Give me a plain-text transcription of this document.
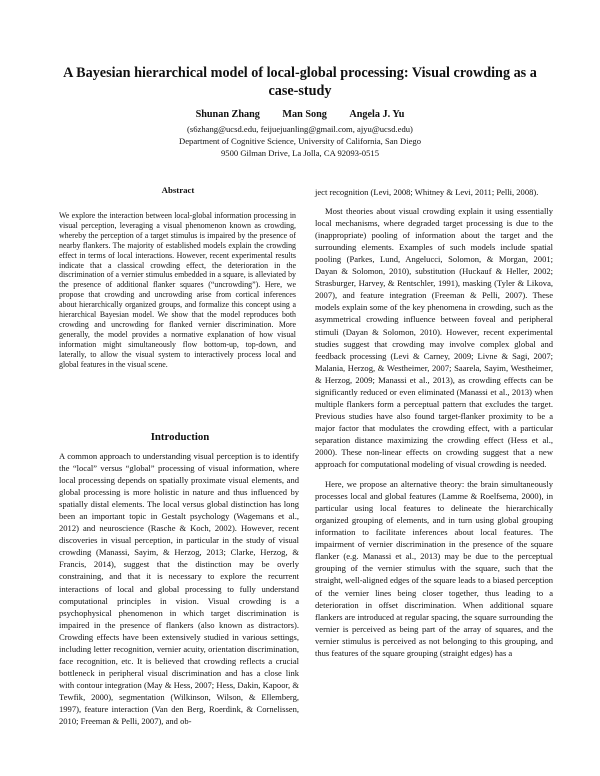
A Bayesian hierarchical model of local-global processing: Visual crowding as a case-study
Shunan Zhang Man Song Angela J. Yu
(s6zhang@ucsd.edu, feijuejuanling@gmail.com, ajyu@ucsd.edu)
Department of Cognitive Science, University of California, San Diego
9500 Gilman Drive, La Jolla, CA 92093-0515
Abstract

We explore the interaction between local-global information processing in visual perception, leveraging a visual phenomenon known as crowding, whereby the perception of a target stimulus is impaired by the presence of nearby flankers. The majority of established models explain the crowding effect in terms of local interactions. However, recent experimental results indicate that a classical crowding effect, the deterioration in the discrimination of a vernier stimulus embedded in a square, is alleviated by the presence of additional flanker squares (“uncrowding”). Here, we propose that crowding and uncrowding arise from cortical inferences about hierarchically organized groups, and formalize this concept using a hierarchical Bayesian model. We show that the model reproduces both crowding and uncrowding for flanked vernier discrimination. More generally, the model provides a normative explanation of how visual information might simultaneously flow bottom-up, top-down, and laterally, to allow the visual system to interactively process local and global features in the visual scene.

Introduction

A common approach to understanding visual perception is to identify the “local” versus “global” processing of visual information, where local processing depends on spatially proximate visual elements, and global processing is more holistic in nature and thus influenced by spatially distal elements. The local versus global distinction has long been an important topic in Gestalt psychology (Wagemans et al., 2012) and neuroscience (Rasche & Koch, 2002). However, recent discoveries in visual perception, in particular in the study of visual crowding (Manassi, Sayim, & Herzog, 2013; Clarke, Herzog, & Francis, 2014), suggest that the distinction may be overly constraining, and that it is necessary to explore the recurrent interactions of local and global processing to fully understand computational principles in vision. Visual crowding is a psychophysical phenomenon in which target discrimination is impaired in the presence of flankers (also known as distractors). Crowding effects have been extensively studied in various settings, including letter recognition, vernier acuity, orientation discrimination, face recognition, etc. It is believed that crowding reflects a crucial bottleneck in peripheral visual discrimination and has a close link with contour integration (May & Hess, 2007; Hess, Dakin, Kapoor, & Tewfik, 2000), segmentation (Wilkinson, Wilson, & Ellemberg, 1997), feature interaction (Van den Berg, Roerdink, & Cornelissen, 2010; Freeman & Pelli, 2007), and ob-

ject recognition (Levi, 2008; Whitney & Levi, 2011; Pelli, 2008).

Most theories about visual crowding explain it using essentially local mechanisms, where degraded target processing is due to the (inappropriate) pooling of information about the target and the surrounding elements. Examples of such models include spatial pooling (Parkes, Lund, Angelucci, Solomon, & Morgan, 2001; Dayan & Solomon, 2010), substitution (Huckauf & Heller, 2002; Strasburger, Harvey, & Rentschler, 1991), masking (Tyler & Likova, 2007), and feature integration (Freeman & Pelli, 2007). These models explain some of the key phenomena in crowding, such as the asymmetrical crowding influence between foveal and peripheral stimuli (Dayan & Solomon, 2010). However, recent experimental studies suggest that crowding may involve complex global and feedback processing (Levi & Carney, 2009; Livne & Sagi, 2007; Malania, Herzog, & Westheimer, 2007; Saarela, Sayim, Westheimer, & Herzog, 2009; Manassi et al., 2013), as crowding effects can be significantly reduced or even eliminated (Manassi et al., 2013) when multiple flankers form a perceptual pattern that excludes the target. Previous studies have also found target-flanker proximity to be a major factor that modulates the crowding effect, with a particular separation distance maximizing the crowding effect (Hess et al., 2000). These non-linear effects on crowding suggest that a new approach for computational modeling of visual crowding is needed.

Here, we propose an alternative theory: the brain simultaneously processes local and global features (Lamme & Roelfsema, 2000), in particular using local features to delineate the hierarchically organized grouping of elements, and in turn using global grouping information to facilitate inferences about local features. The impairment of vernier discrimination in the presence of the square flanker (e.g. Manassi et al., 2013) may be due to the perceptual grouping of the vernier stimulus with the square, such that the straight, well-aligned edges of the square leads to a biased perception of the vernier lines being closer together, thus leading to a deterioration in offset discrimination. When additional square flankers are introduced at regular spacing, the square surrounding the vernier is perceived as being part of the array of squares, and the vernier stimulus is perceived as not belonging to this grouping, and thus features of the square grouping (straight edges) has a
